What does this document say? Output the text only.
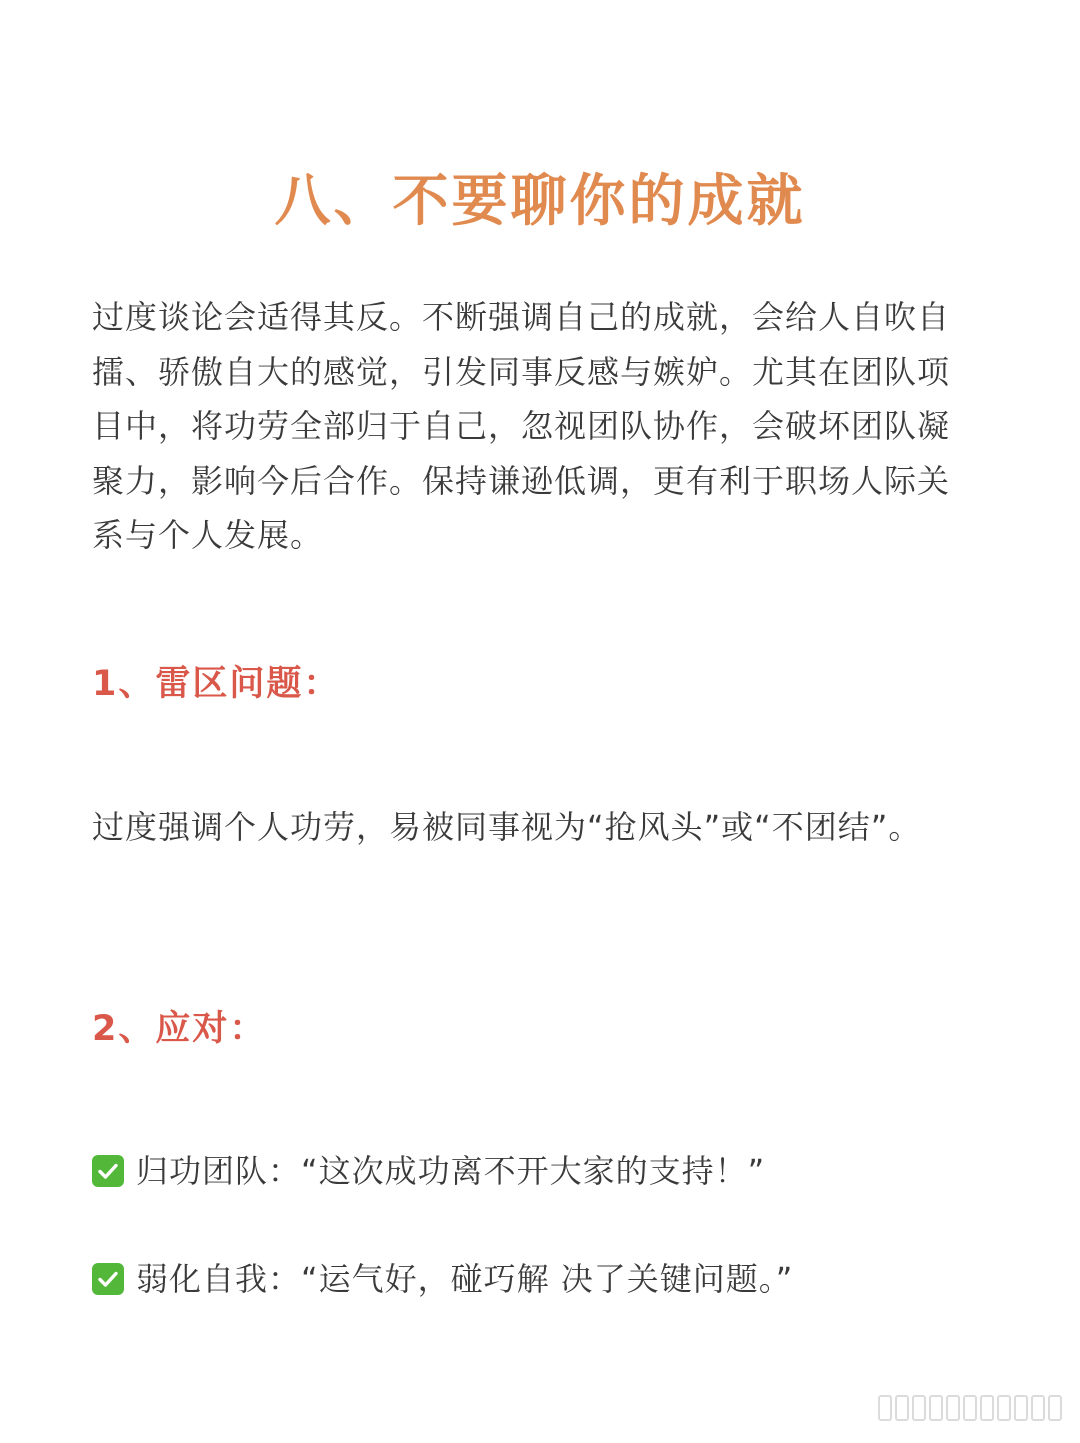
八、不要聊你的成就

过度谈论会适得其反。不断强调自己的成就，会给人自吹自擂、骄傲自大的感觉，引发同事反感与嫉妒。尤其在团队项目中，将功劳全部归于自己，忽视团队协作，会破坏团队凝聚力，影响今后合作。保持谦逊低调，更有利于职场人际关系与个人发展。

1、雷区问题：

过度强调个人功劳，易被同事视为“抢风头”或“不团结”。

2、应对：
归功团队：“这次成功离不开大家的支持！”
弱化自我：“运气好，碰巧解 决了关键问题。”
